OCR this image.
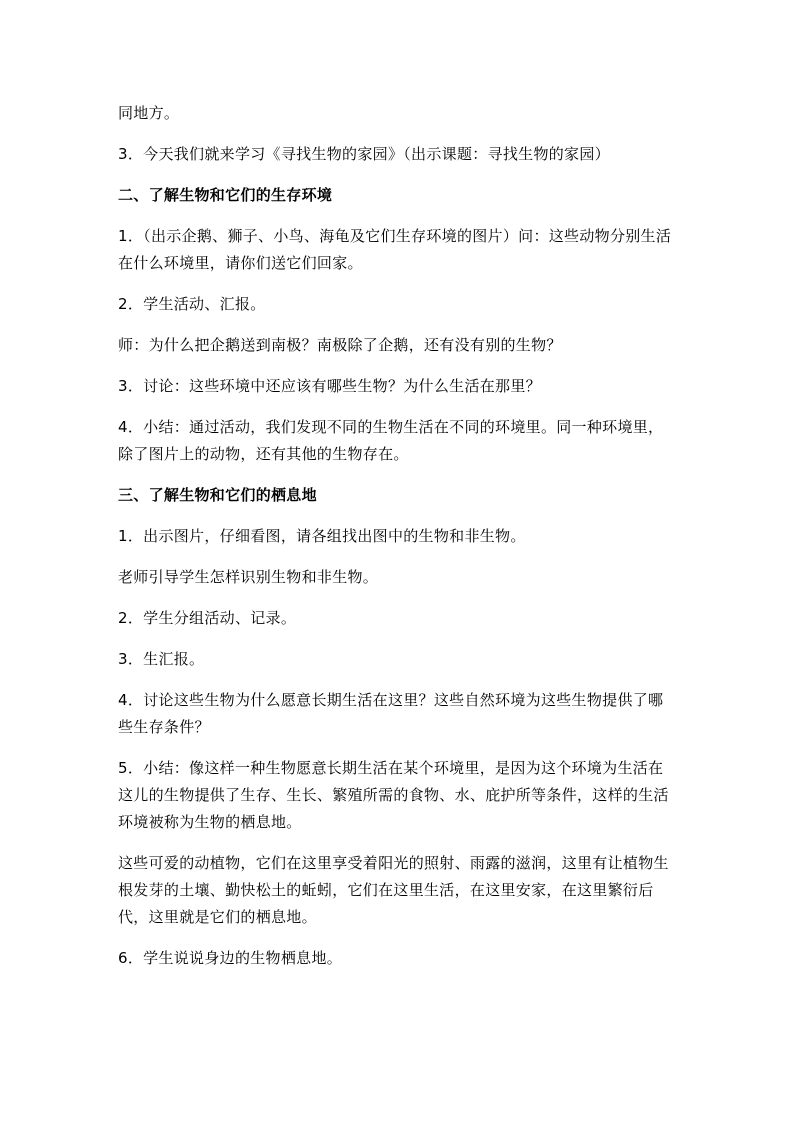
同地方。

3．今天我们就来学习《寻找生物的家园》（出示课题：寻找生物的家园）

二、了解生物和它们的生存环境

1．（出示企鹅、狮子、小鸟、海龟及它们生存环境的图片）问：这些动物分别生活在什么环境里，请你们送它们回家。

2．学生活动、汇报。

师：为什么把企鹅送到南极？南极除了企鹅，还有没有别的生物？

3．讨论：这些环境中还应该有哪些生物？为什么生活在那里？

4．小结：通过活动，我们发现不同的生物生活在不同的环境里。同一种环境里，除了图片上的动物，还有其他的生物存在。

三、了解生物和它们的栖息地

1．出示图片，仔细看图，请各组找出图中的生物和非生物。

老师引导学生怎样识别生物和非生物。

2．学生分组活动、记录。

3．生汇报。

4．讨论这些生物为什么愿意长期生活在这里？这些自然环境为这些生物提供了哪些生存条件？

5．小结：像这样一种生物愿意长期生活在某个环境里，是因为这个环境为生活在这儿的生物提供了生存、生长、繁殖所需的食物、水、庇护所等条件，这样的生活环境被称为生物的栖息地。

这些可爱的动植物，它们在这里享受着阳光的照射、雨露的滋润，这里有让植物生根发芽的土壤、勤快松土的蚯蚓，它们在这里生活，在这里安家，在这里繁衍后代，这里就是它们的栖息地。

6．学生说说身边的生物栖息地。
